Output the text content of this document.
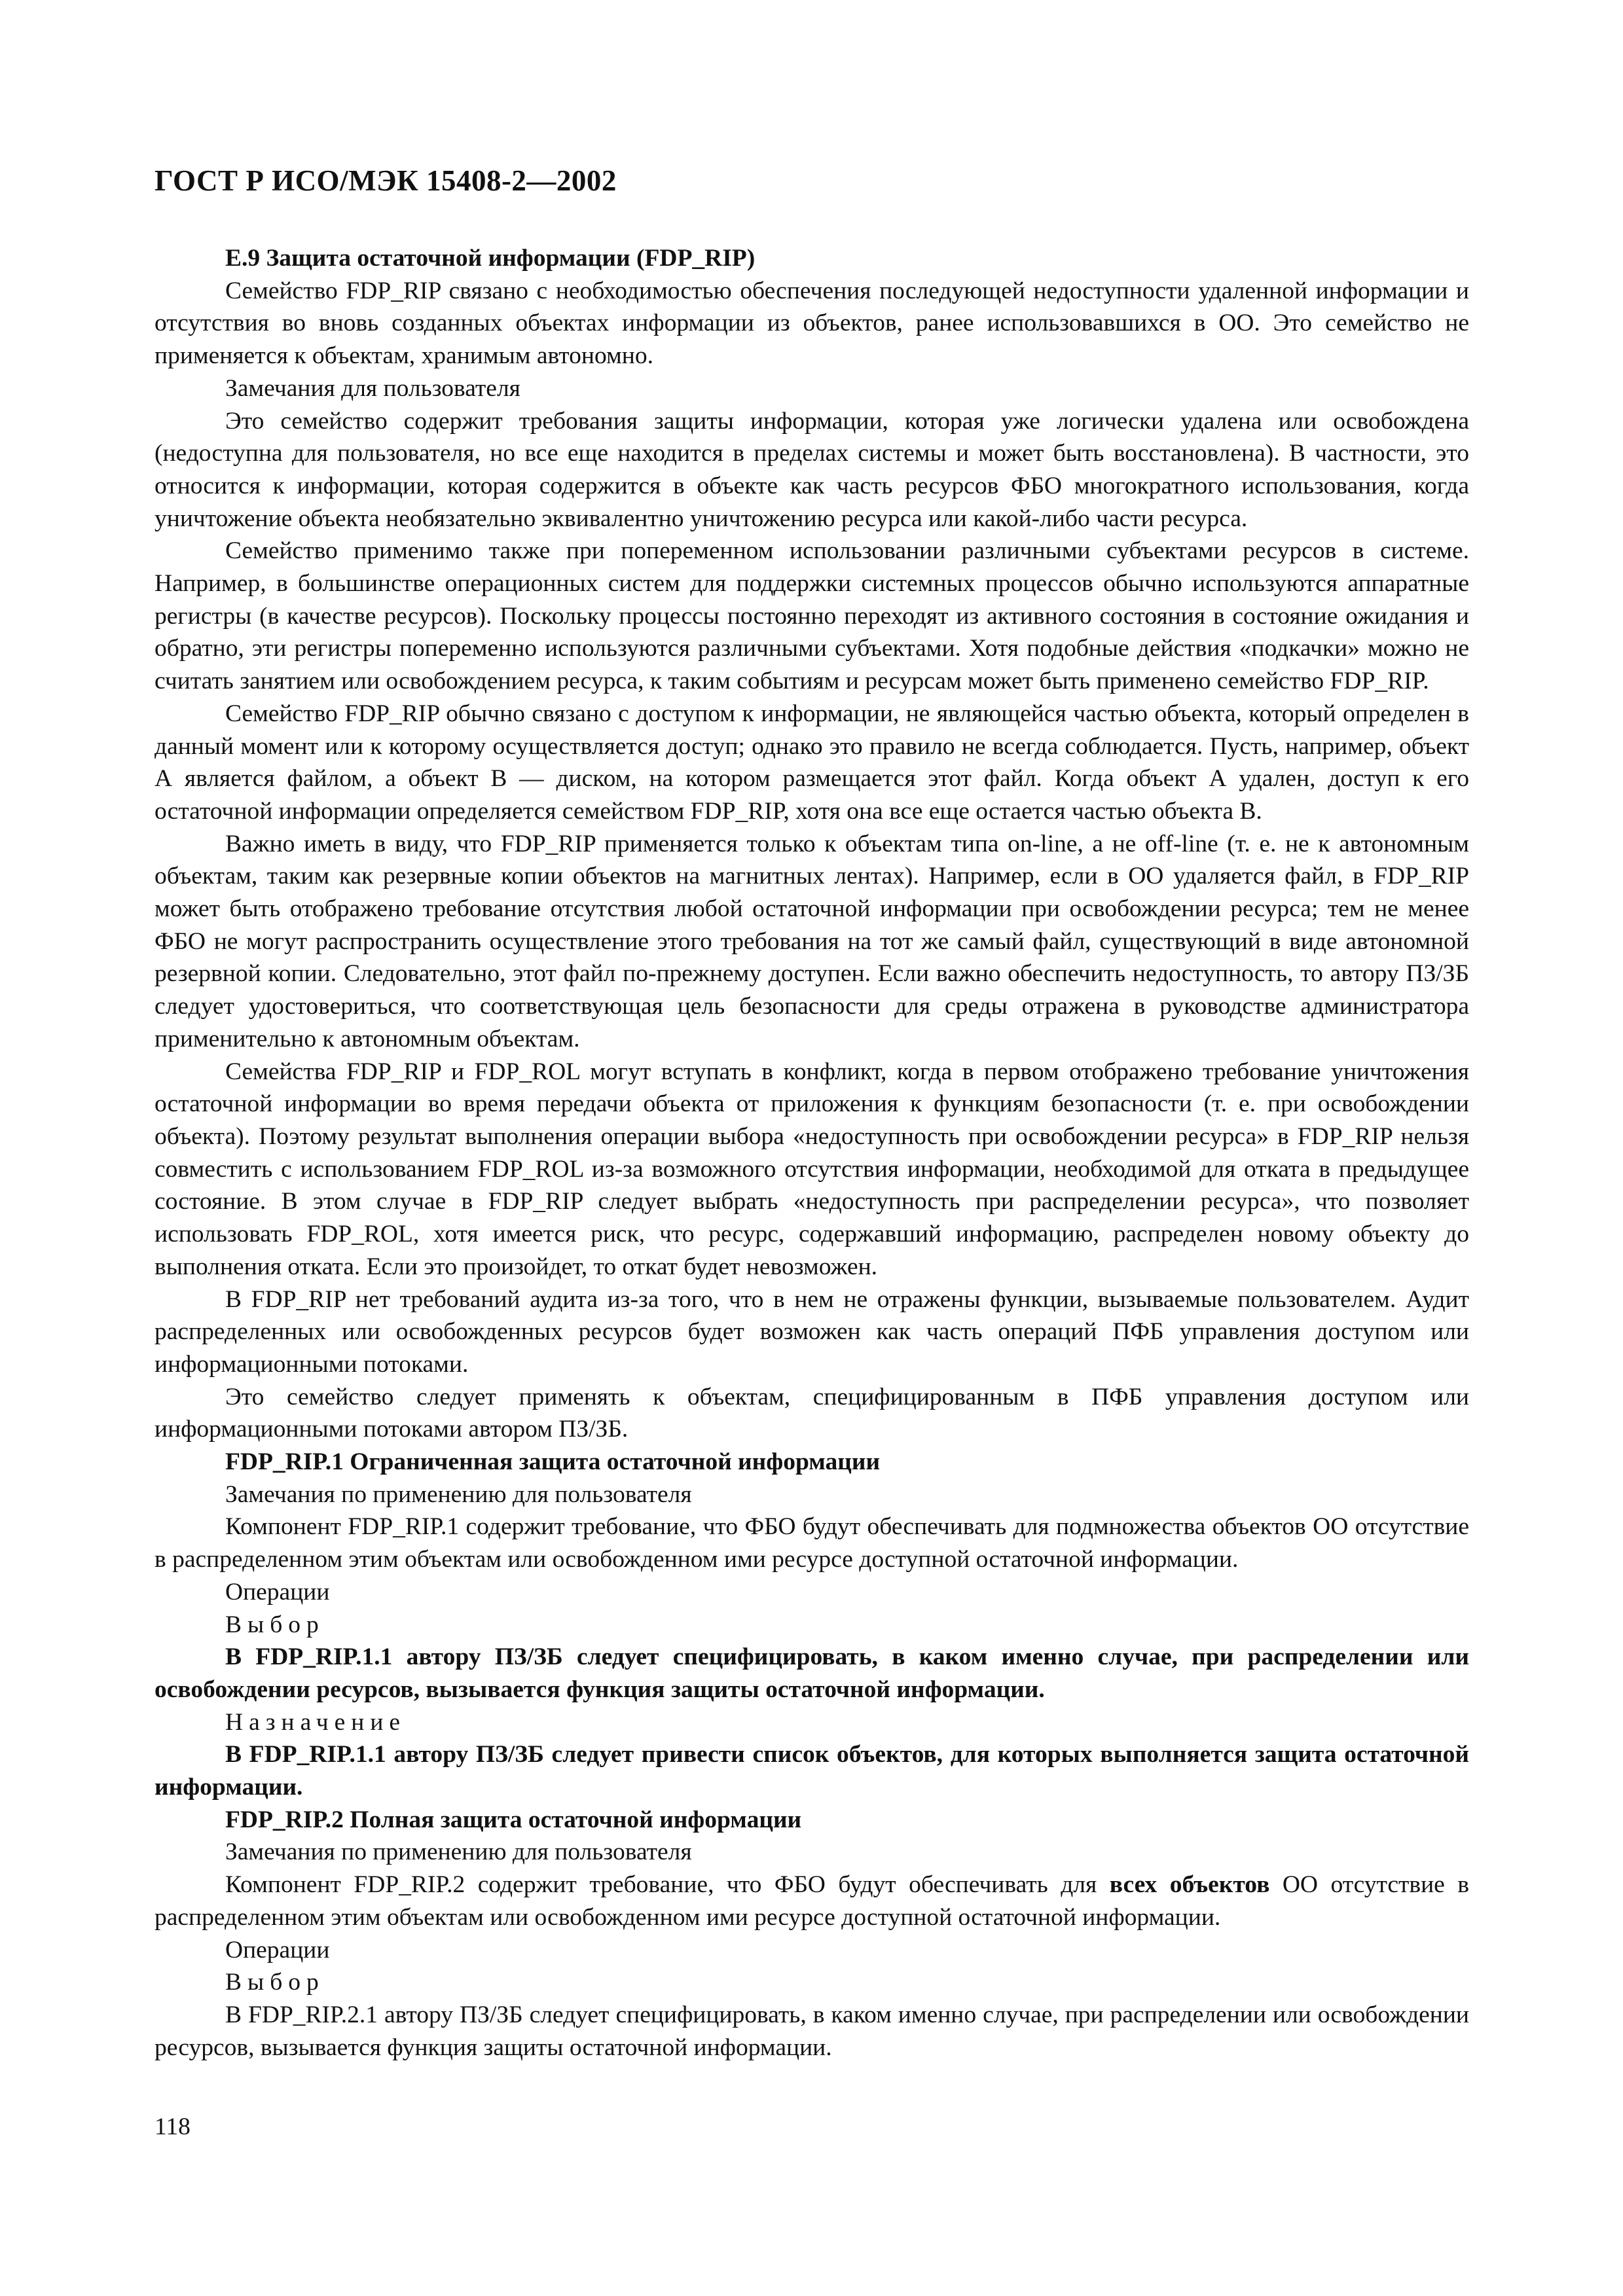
ГОСТ Р ИСО/МЭК 15408-2—2002

Е.9 Защита остаточной информации (FDP_RIP)

Семейство FDP_RIP связано с необходимостью обеспечения последующей недоступности удаленной информации и отсутствия во вновь созданных объектах информации из объектов, ранее использовавшихся в ОО. Это семейство не применяется к объектам, хранимым автономно.

Замечания для пользователя

Это семейство содержит требования защиты информации, которая уже логически удалена или освобождена (недоступна для пользователя, но все еще находится в пределах системы и может быть восстановлена). В частности, это относится к информации, которая содержится в объекте как часть ресурсов ФБО многократного использования, когда уничтожение объекта необязательно эквивалентно уничтожению ресурса или какой-либо части ресурса.

Семейство применимо также при попеременном использовании различными субъектами ресурсов в системе. Например, в большинстве операционных систем для поддержки системных процессов обычно используются аппаратные регистры (в качестве ресурсов). Поскольку процессы постоянно переходят из активного состояния в состояние ожидания и обратно, эти регистры попеременно используются различными субъектами. Хотя подобные действия «подкачки» можно не считать занятием или освобождением ресурса, к таким событиям и ресурсам может быть применено семейство FDP_RIP.

Семейство FDP_RIP обычно связано с доступом к информации, не являющейся частью объекта, который определен в данный момент или к которому осуществляется доступ; однако это правило не всегда соблюдается. Пусть, например, объект А является файлом, а объект В — диском, на котором размещается этот файл. Когда объект А удален, доступ к его остаточной информации определяется семейством FDP_RIP, хотя она все еще остается частью объекта В.

Важно иметь в виду, что FDP_RIP применяется только к объектам типа on-line, а не off-line (т. е. не к автономным объектам, таким как резервные копии объектов на магнитных лентах). Например, если в ОО удаляется файл, в FDP_RIP может быть отображено требование отсутствия любой остаточной информации при освобождении ресурса; тем не менее ФБО не могут распространить осуществление этого требования на тот же самый файл, существующий в виде автономной резервной копии. Следовательно, этот файл по-прежнему доступен. Если важно обеспечить недоступность, то автору ПЗ/ЗБ следует удостовериться, что соответствующая цель безопасности для среды отражена в руководстве администратора применительно к автономным объектам.

Семейства FDP_RIP и FDP_ROL могут вступать в конфликт, когда в первом отображено требование уничтожения остаточной информации во время передачи объекта от приложения к функциям безопасности (т. е. при освобождении объекта). Поэтому результат выполнения операции выбора «недоступность при освобождении ресурса» в FDP_RIP нельзя совместить с использованием FDP_ROL из-за возможного отсутствия информации, необходимой для отката в предыдущее состояние. В этом случае в FDP_RIP следует выбрать «недоступность при распределении ресурса», что позволяет использовать FDP_ROL, хотя имеется риск, что ресурс, содержавший информацию, распределен новому объекту до выполнения отката. Если это произойдет, то откат будет невозможен.

В FDP_RIP нет требований аудита из-за того, что в нем не отражены функции, вызываемые пользователем. Аудит распределенных или освобожденных ресурсов будет возможен как часть операций ПФБ управления доступом или информационными потоками.

Это семейство следует применять к объектам, специфицированным в ПФБ управления доступом или информационными потоками автором ПЗ/ЗБ.

FDP_RIP.1 Ограниченная защита остаточной информации

Замечания по применению для пользователя

Компонент FDP_RIP.1 содержит требование, что ФБО будут обеспечивать для подмножества объектов ОО отсутствие в распределенном этим объектам или освобожденном ими ресурсе доступной остаточной информации.

Операции

Выбор

В FDP_RIP.1.1 автору ПЗ/ЗБ следует специфицировать, в каком именно случае, при распределении или освобождении ресурсов, вызывается функция защиты остаточной информации.

Назначение

В FDP_RIP.1.1 автору ПЗ/ЗБ следует привести список объектов, для которых выполняется защита остаточной информации.

FDP_RIP.2 Полная защита остаточной информации

Замечания по применению для пользователя

Компонент FDP_RIP.2 содержит требование, что ФБО будут обеспечивать для всех объектов ОО отсутствие в распределенном этим объектам или освобожденном ими ресурсе доступной остаточной информации.

Операции

Выбор

В FDP_RIP.2.1 автору ПЗ/ЗБ следует специфицировать, в каком именно случае, при распределении или освобождении ресурсов, вызывается функция защиты остаточной информации.

118
